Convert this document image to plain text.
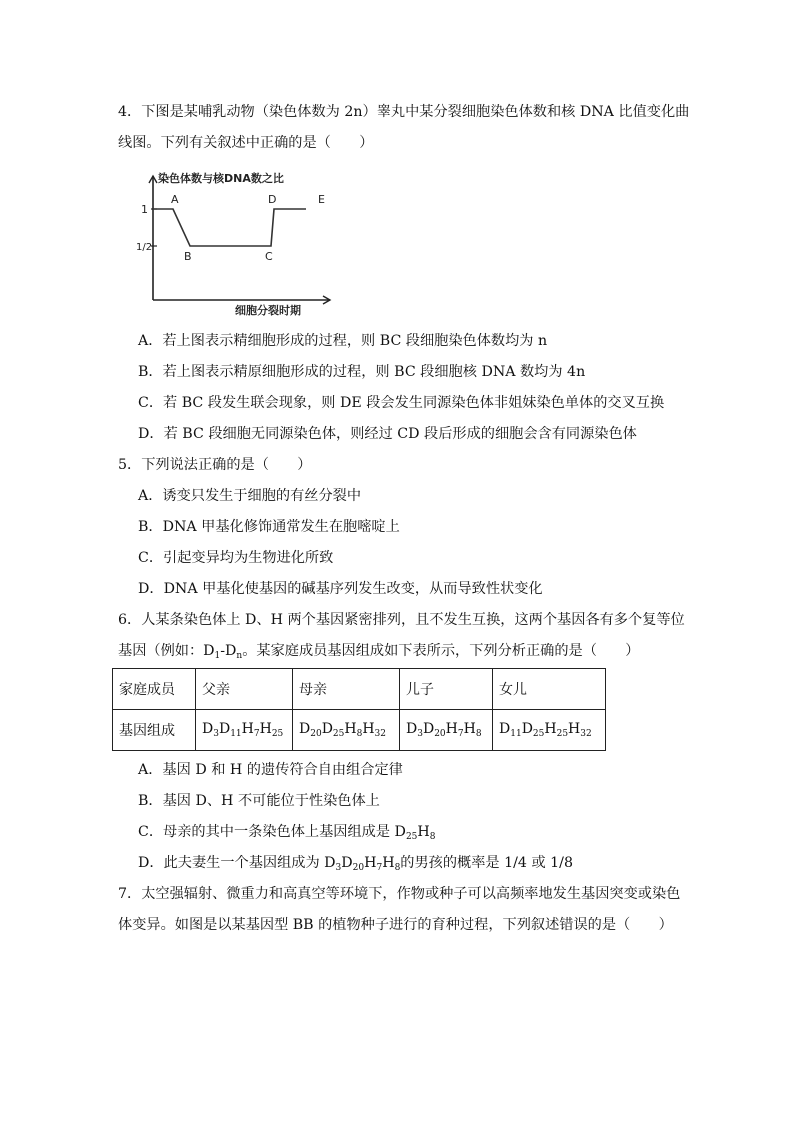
4．下图是某哺乳动物（染色体数为 2n）睾丸中某分裂细胞染色体数和核 DNA 比值变化曲
线图。下列有关叙述中正确的是（　　）
染色体数与核DNA数之比
细胞分裂时期
1
1/2
A
B	C
D	E
A．若上图表示精细胞形成的过程，则 BC 段细胞染色体数均为 n
B．若上图表示精原细胞形成的过程，则 BC 段细胞核 DNA 数均为 4n
C．若 BC 段发生联会现象，则 DE 段会发生同源染色体非姐妹染色单体的交叉互换
D．若 BC 段细胞无同源染色体，则经过 CD 段后形成的细胞会含有同源染色体
5．下列说法正确的是（　　）
A．诱变只发生于细胞的有丝分裂中
B．DNA 甲基化修饰通常发生在胞嘧啶上
C．引起变异均为生物进化所致
D．DNA 甲基化使基因的碱基序列发生改变，从而导致性状变化
6．人某条染色体上 D、H 两个基因紧密排列，且不发生互换，这两个基因各有多个复等位
基因（例如：$D_1-D_n$。某家庭成员基因组成如下表所示，下列分析正确的是（　　）
家庭成员	父亲	母亲	儿子	女儿
基因组成	$D_3D_{11}H_7H_{25}$	$D_{20}D_{25}H_8H_{32}$	$D_3D_{20}H_7H_8$	$D_{11}D_{25}H_{25}H_{32}$
A．基因 D 和 H 的遗传符合自由组合定律
B．基因 D、H 不可能位于性染色体上
C．母亲的其中一条染色体上基因组成是 $D_{25}H_8$
D．此夫妻生一个基因组成为 $D_3D_{20}H_7H_8$的男孩的概率是 1/4 或 1/8
7．太空强辐射、微重力和高真空等环境下，作物或种子可以高频率地发生基因突变或染色
体变异。如图是以某基因型 BB 的植物种子进行的育种过程，下列叙述错误的是（　　）
